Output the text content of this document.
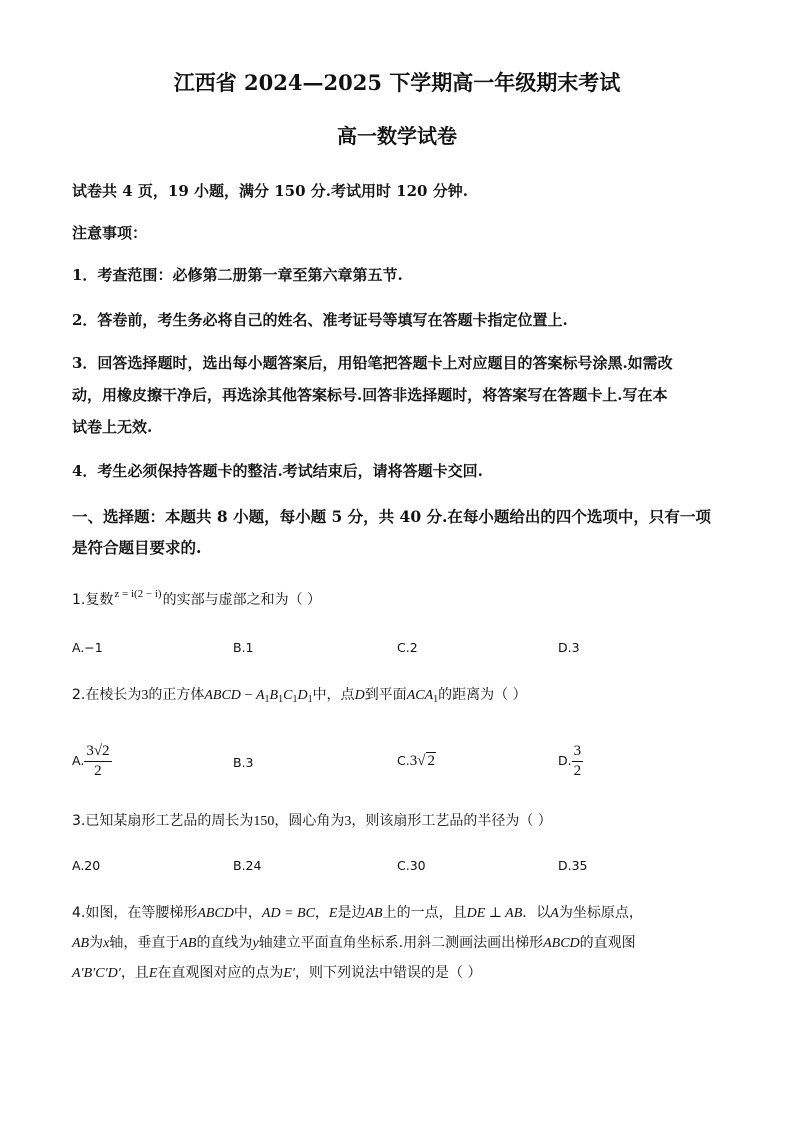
江西省 2024—2025 下学期高一年级期末考试
高一数学试卷
试卷共 4 页，19 小题，满分 150 分.考试用时 120 分钟.
注意事项：
1．考查范围：必修第二册第一章至第六章第五节.
2．答卷前，考生务必将自己的姓名、准考证号等填写在答题卡指定位置上.
3．回答选择题时，选出每小题答案后，用铅笔把答题卡上对应题目的答案标号涂黑.如需改
动，用橡皮擦干净后，再选涂其他答案标号.回答非选择题时，将答案写在答题卡上.写在本
试卷上无效.
4．考生必须保持答题卡的整洁.考试结束后，请将答题卡交回.
一、选择题：本题共 8 小题，每小题 5 分，共 40 分.在每小题给出的四个选项中，只有一项
是符合题目要求的.
1.复数$^{z = i(2 - i)}$的实部与虚部之和为（ ）
A.−1	B.1	C.2	D.3
2.在棱长为3的正方体ABCD − $A_1B_1C_1D_1$中，点D到平面$ACA_1$的距离为（ ）
A. $\frac{3√2}{2}$	B.3	C.3√ 2	D. $\frac{3}{2}$
3.已知某扇形工艺品的周长为150，圆心角为3，则该扇形工艺品的半径为（ ）
A.20	B.24	C.30	D.35
4.如图，在等腰梯形ABCD中，AD = BC，E是边AB上的一点，且DE ⊥ AB．以A为坐标原点，
AB为x轴，垂直于AB的直线为y轴建立平面直角坐标系.用斜二测画法画出梯形ABCD的直观图
A′B′C′D′，且E在直观图对应的点为E′，则下列说法中错误的是（ ）
